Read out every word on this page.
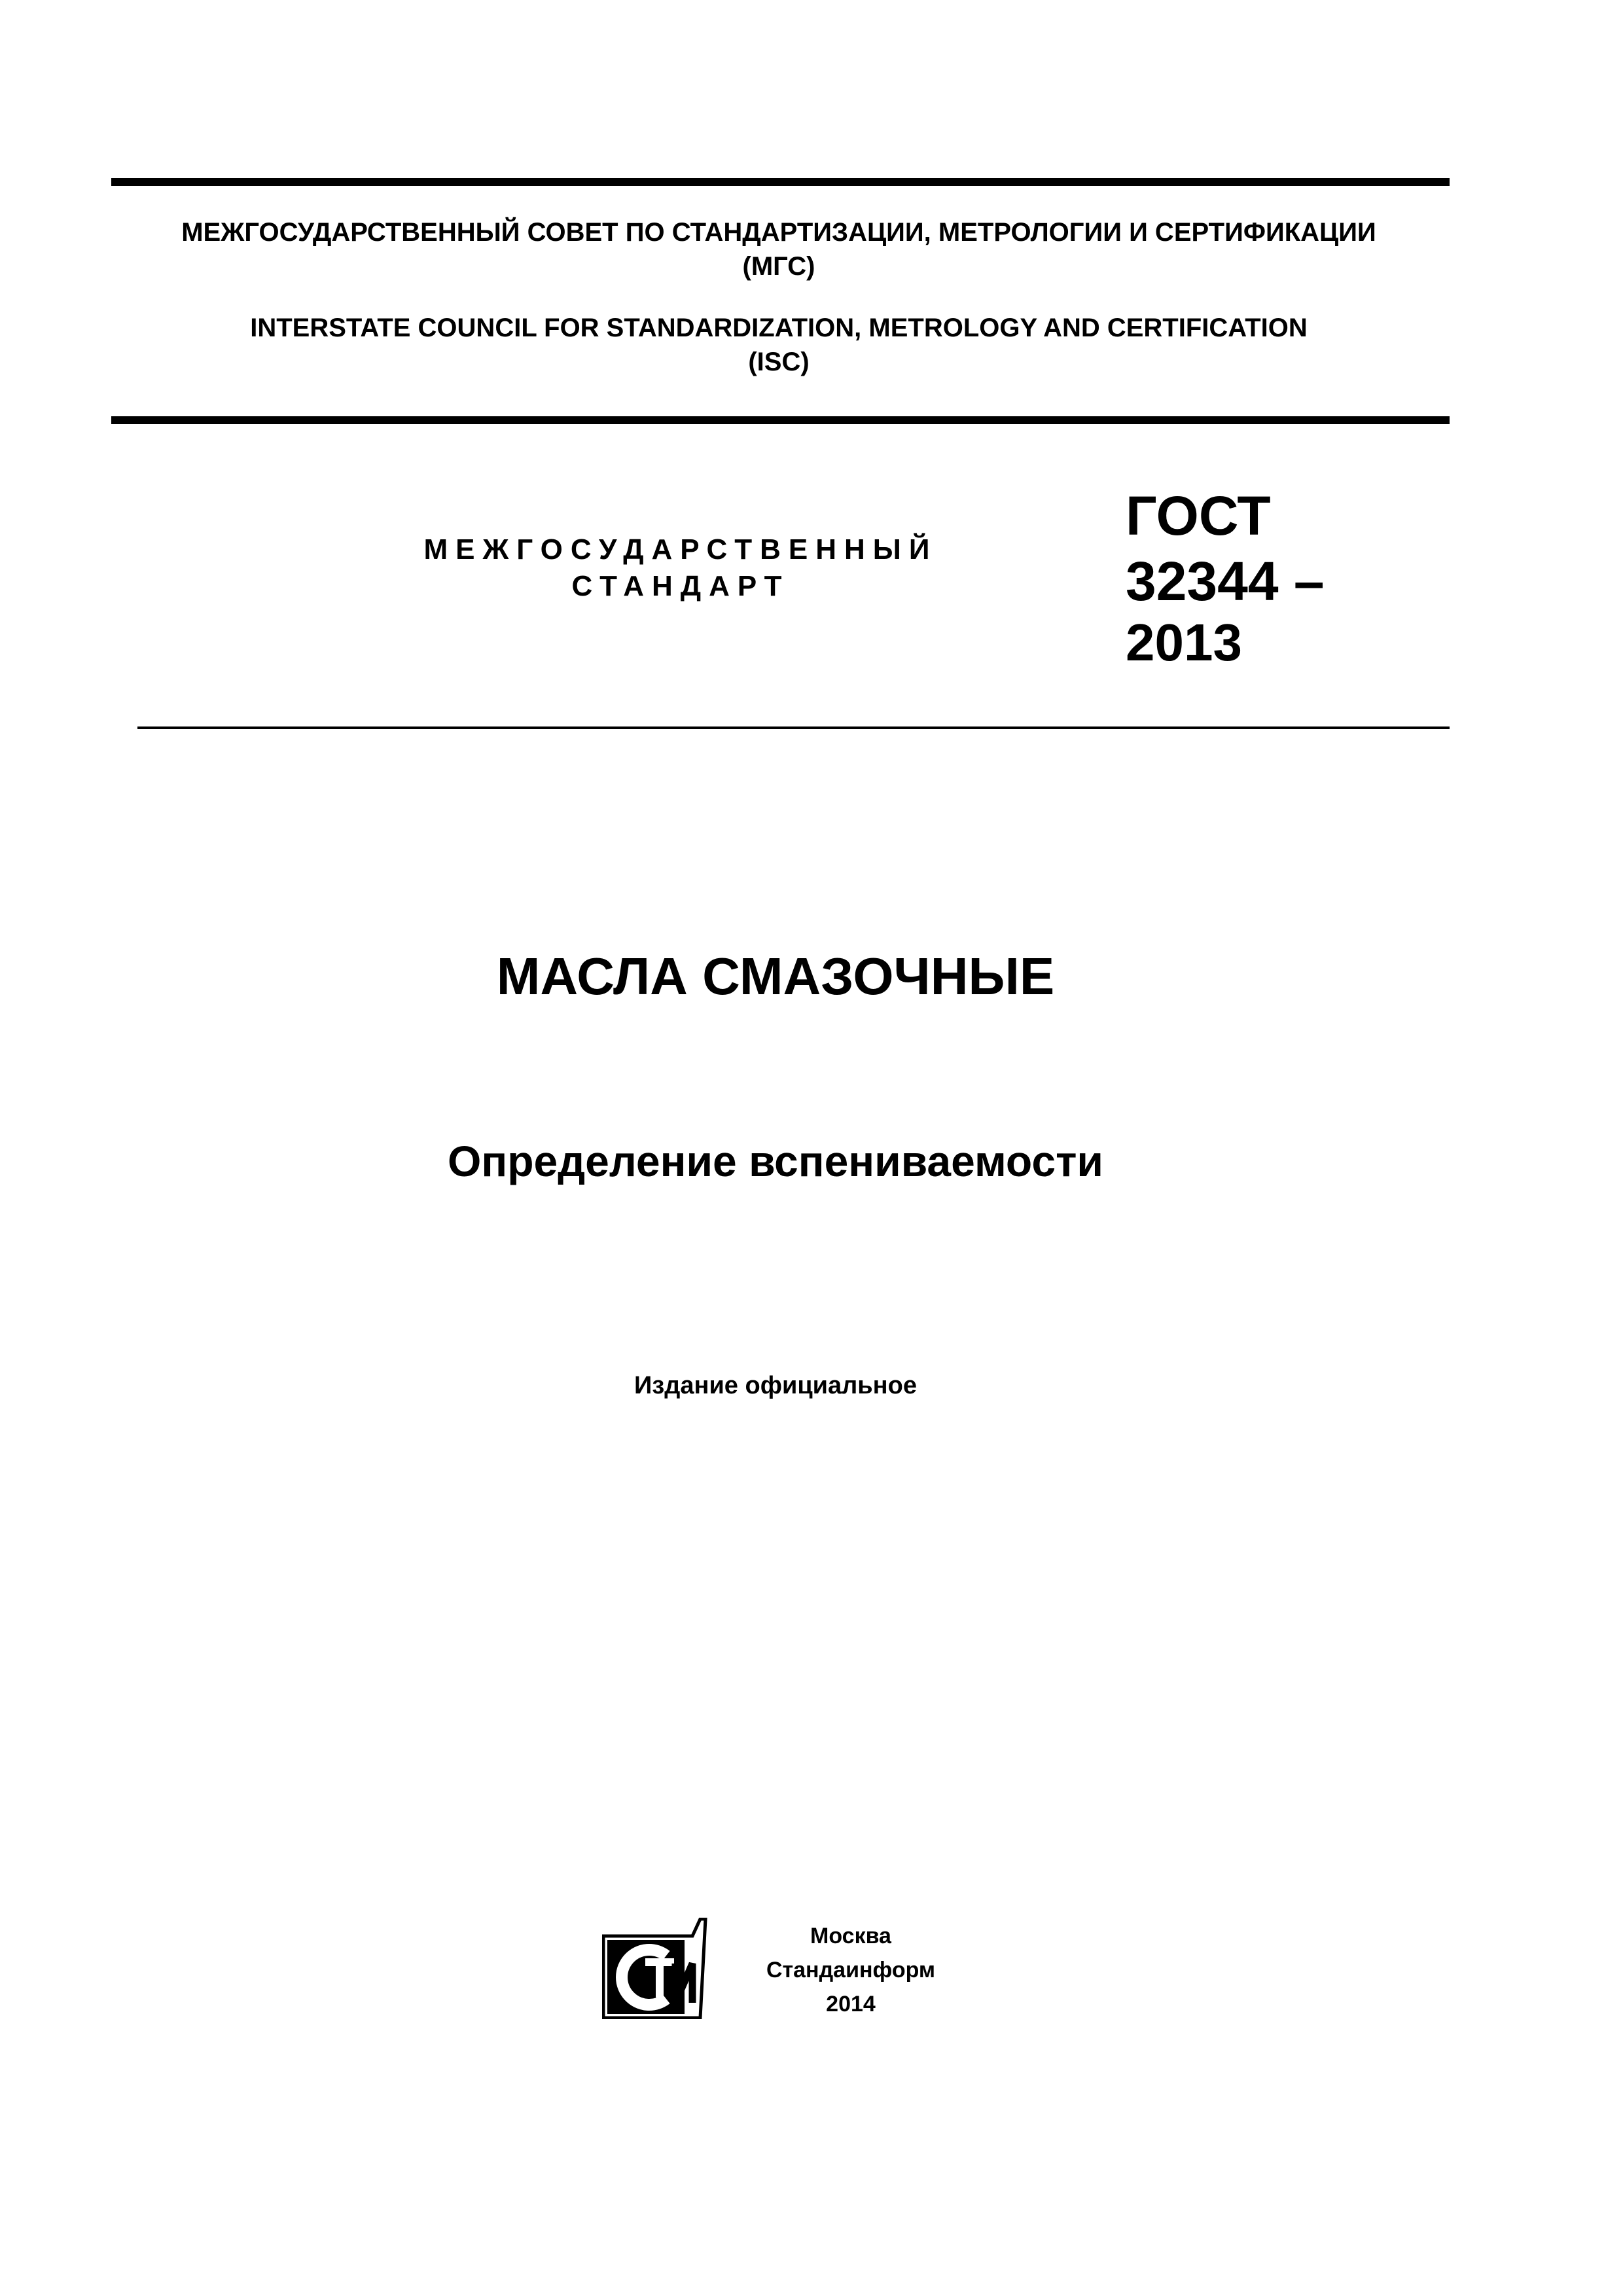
МЕЖГОСУДАРСТВЕННЫЙ СОВЕТ ПО СТАНДАРТИЗАЦИИ, МЕТРОЛОГИИ И СЕРТИФИКАЦИИ
(МГС)
INTERSTATE COUNCIL FOR STANDARDIZATION, METROLOGY AND CERTIFICATION
(ISC)
МЕЖГОСУДАРСТВЕННЫЙ
СТАНДАРТ
ГОСТ
32344 –
2013
МАСЛА СМАЗОЧНЫЕ
Определение вспениваемости
Издание официальное
Москва
Стандаинформ
2014
